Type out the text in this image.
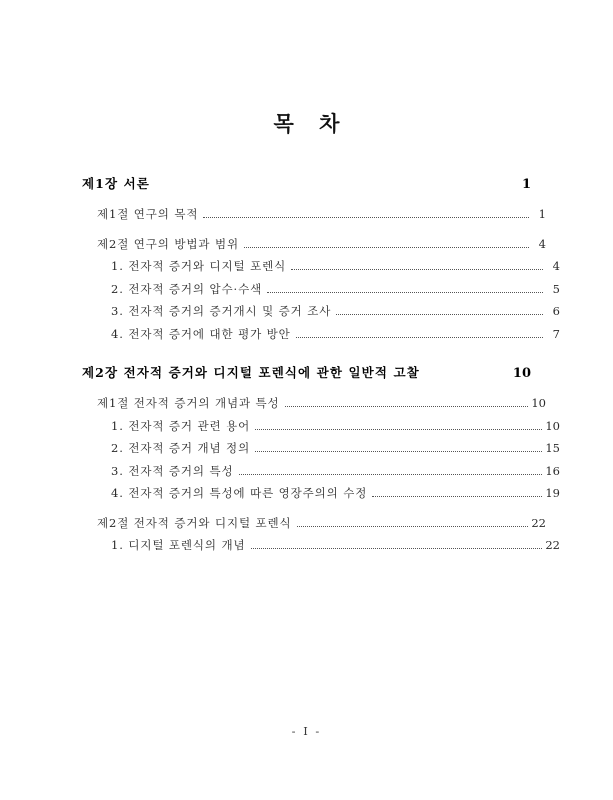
목 차
제1장 서론	1
제1절 연구의 목적	1
제2절 연구의 방법과 범위	4
1. 전자적 증거와 디지털 포렌식	4
2. 전자적 증거의 압수·수색	5
3. 전자적 증거의 증거개시 및 증거 조사	6
4. 전자적 증거에 대한 평가 방안	7
제2장 전자적 증거와 디지털 포렌식에 관한 일반적 고찰	10
제1절 전자적 증거의 개념과 특성	10
1. 전자적 증거 관련 용어	10
2. 전자적 증거 개념 정의	15
3. 전자적 증거의 특성	16
4. 전자적 증거의 특성에 따른 영장주의의 수정	19
제2절 전자적 증거와 디지털 포렌식	22
1. 디지털 포렌식의 개념	22
- I -
